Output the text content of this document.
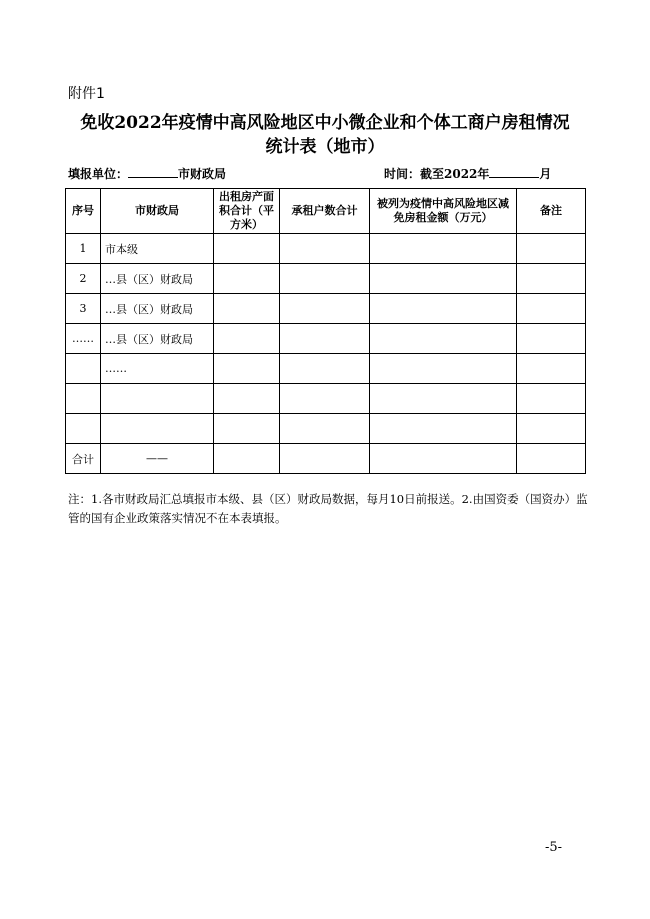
附件1
免收2022年疫情中高风险地区中小微企业和个体工商户房租情况
统计表（地市）
填报单位：	市财政局	时间：截至2022年	月
序号	市财政局	出租房产面积合计（平方米）	承租户数合计	被列为疫情中高风险地区减免房租金额（万元）	备注
1	市本级				
2	…县（区）财政局				
3	…县（区）财政局				
……	…县（区）财政局				
	……				

合计	——				
注：1.各市财政局汇总填报市本级、县（区）财政局数据，每月10日前报送。2.由国资委（国资办）监管的国有企业政策落实情况不在本表填报。
-5-
